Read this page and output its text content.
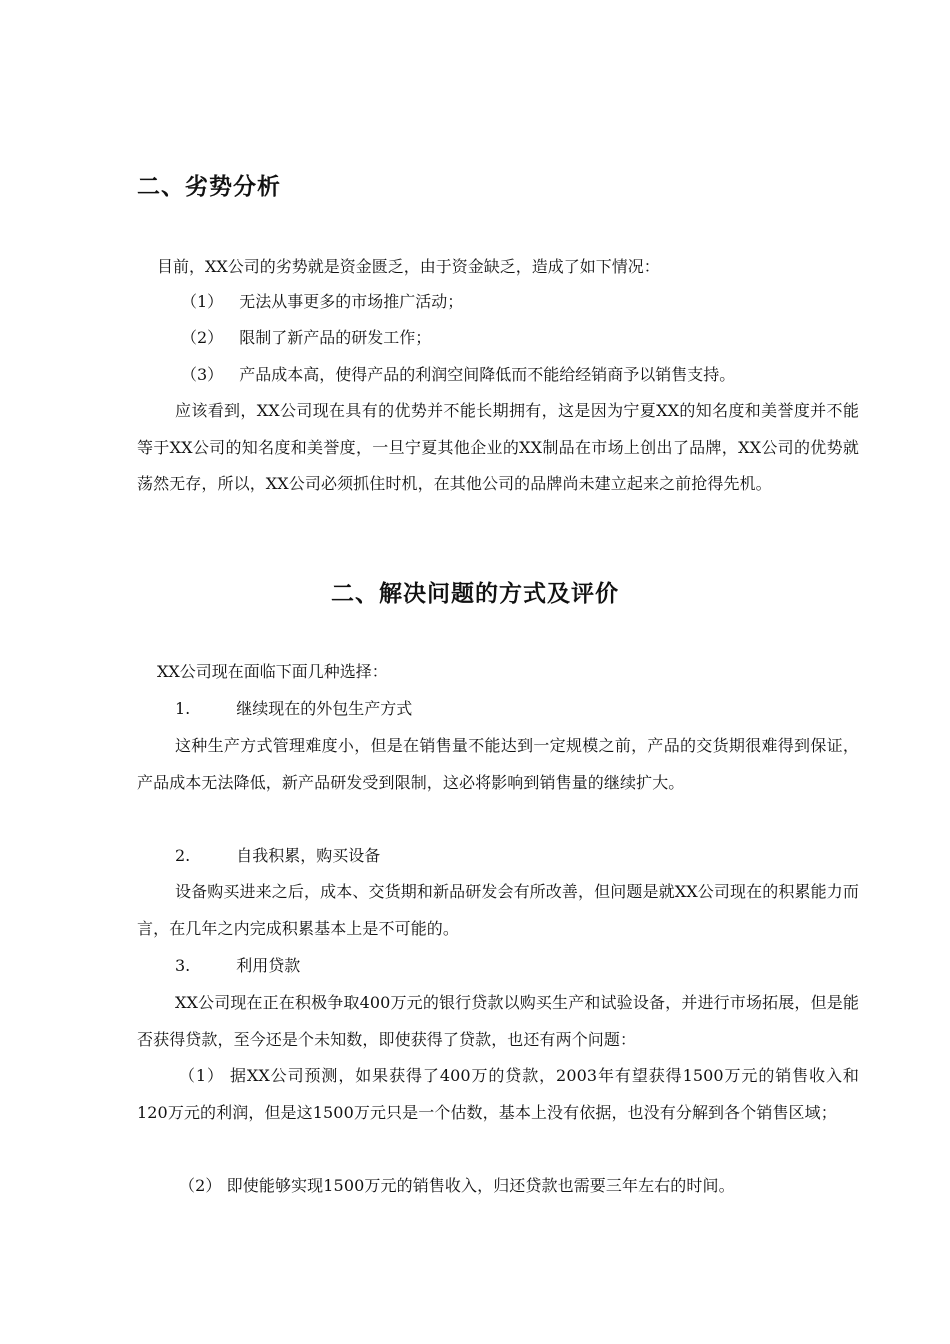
二、劣势分析

目前，XX公司的劣势就是资金匮乏，由于资金缺乏，造成了如下情况：

（1） 无法从事更多的市场推广活动；

（2） 限制了新产品的研发工作；

（3） 产品成本高，使得产品的利润空间降低而不能给经销商予以销售支持。

应该看到，XX公司现在具有的优势并不能长期拥有，这是因为宁夏XX的知名度和美誉度并不能等于XX公司的知名度和美誉度，一旦宁夏其他企业的XX制品在市场上创出了品牌，XX公司的优势就荡然无存，所以，XX公司必须抓住时机，在其他公司的品牌尚未建立起来之前抢得先机。

二、解决问题的方式及评价

XX公司现在面临下面几种选择：

1.	继续现在的外包生产方式

这种生产方式管理难度小，但是在销售量不能达到一定规模之前，产品的交货期很难得到保证，产品成本无法降低，新产品研发受到限制，这必将影响到销售量的继续扩大。

2.	自我积累，购买设备

设备购买进来之后，成本、交货期和新品研发会有所改善，但问题是就XX公司现在的积累能力而言，在几年之内完成积累基本上是不可能的。

3.	利用贷款

XX公司现在正在积极争取400万元的银行贷款以购买生产和试验设备，并进行市场拓展，但是能否获得贷款，至今还是个未知数，即使获得了贷款，也还有两个问题：

（1） 据XX公司预测，如果获得了400万的贷款，2003年有望获得1500万元的销售收入和120万元的利润，但是这1500万元只是一个估数，基本上没有依据，也没有分解到各个销售区域；

（2） 即使能够实现1500万元的销售收入，归还贷款也需要三年左右的时间。
